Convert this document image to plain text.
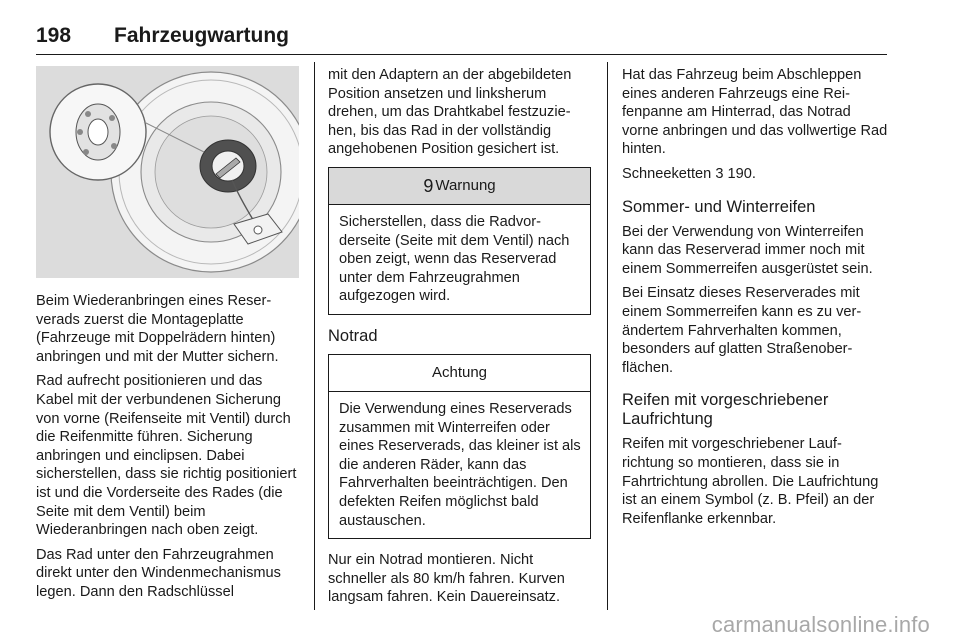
198 Fahrzeugwartung

Beim Wiederanbringen eines Reserverads zuerst die Montageplatte (Fahrzeuge mit Doppelrädern hinten) anbringen und mit der Mutter sichern.

Rad aufrecht positionieren und das Kabel mit der verbundenen Sicherung von vorne (Reifenseite mit Ventil) durch die Reifenmitte führen. Sicherung anbringen und einclipsen. Dabei sicherstellen, dass sie richtig positioniert ist und die Vorderseite des Rades (die Seite mit dem Ventil) beim Wiederanbringen nach oben zeigt.

Das Rad unter den Fahrzeugrahmen direkt unter den Windenmechanismus legen. Dann den Radschlüssel

mit den Adaptern an der abgebildeten Position ansetzen und linksherum drehen, um das Drahtkabel festzuziehen, bis das Rad in der vollständig angehobenen Position gesichert ist.

9 Warnung
Sicherstellen, dass die Radvorderseite (Seite mit dem Ventil) nach oben zeigt, wenn das Reserverad unter dem Fahrzeugrahmen aufgezogen wird.
Notrad
Achtung
Die Verwendung eines Reserverads zusammen mit Winterreifen oder eines Reserverads, das kleiner ist als die anderen Räder, kann das Fahrverhalten beeinträchtigen. Den defekten Reifen möglichst bald austauschen.

Nur ein Notrad montieren. Nicht schneller als 80 km/h fahren. Kurven langsam fahren. Kein Dauereinsatz.

Hat das Fahrzeug beim Abschleppen eines anderen Fahrzeugs eine Reifenpanne am Hinterrad, das Notrad vorne anbringen und das vollwertige Rad hinten.

Schneeketten 3 190.

Sommer- und Winterreifen

Bei der Verwendung von Winterreifen kann das Reserverad immer noch mit einem Sommerreifen ausgerüstet sein.

Bei Einsatz dieses Reserverades mit einem Sommerreifen kann es zu verändertem Fahrverhalten kommen, besonders auf glatten Straßenoberflächen.

Reifen mit vorgeschriebener Laufrichtung

Reifen mit vorgeschriebener Laufrichtung so montieren, dass sie in Fahrtrichtung abrollen. Die Laufrichtung ist an einem Symbol (z. B. Pfeil) an der Reifenflanke erkennbar.

carmanualsonline.info
